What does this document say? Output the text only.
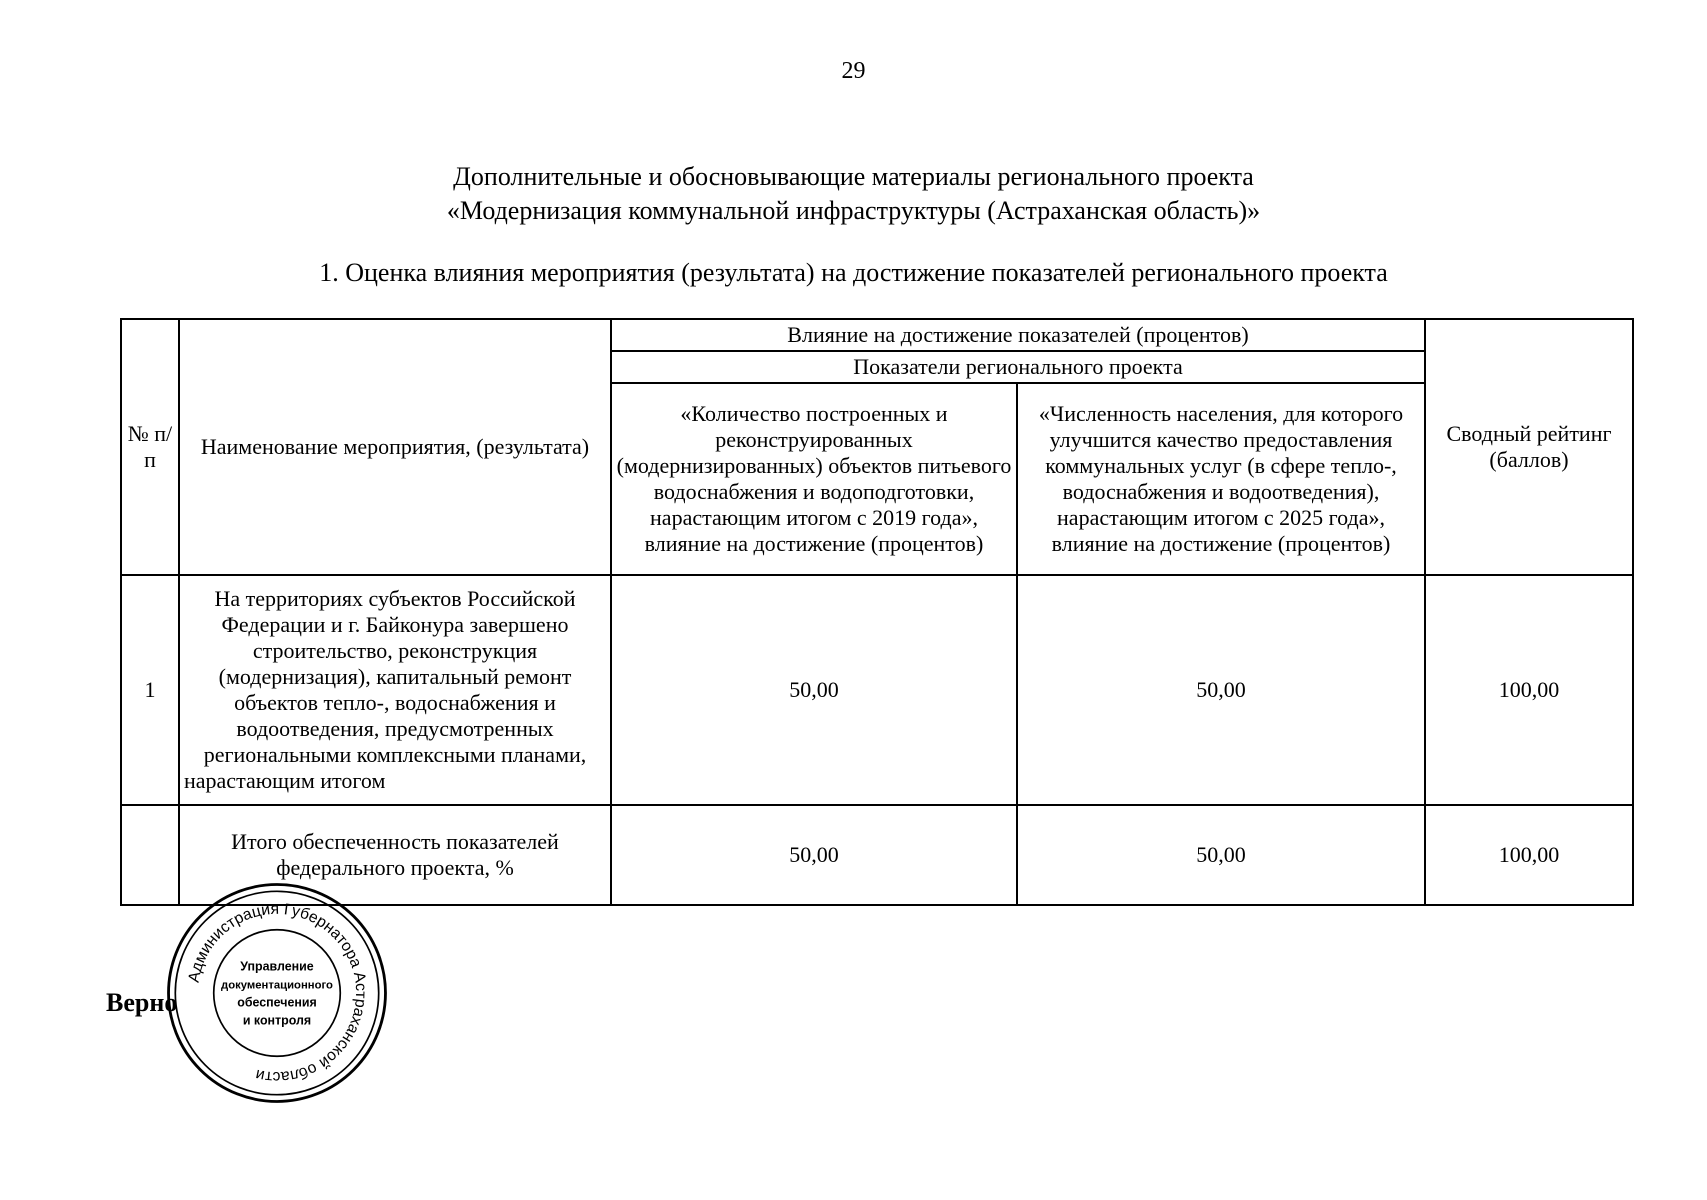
29
Дополнительные и обосновывающие материалы регионального проекта
«Модернизация коммунальной инфраструктуры (Астраханская область)»
1. Оценка влияния мероприятия (результата) на достижение показателей регионального проекта
№ п/п	Наименование мероприятия, (результата)	Влияние на достижение показателей (процентов)		Сводный рейтинг (баллов)
		Показатели регионального проекта		
		«Количество построенных и реконструированных (модернизированных) объектов питьевого водоснабжения и водоподготовки, нарастающим итогом с 2019 года», влияние на достижение (процентов)	«Численность населения, для которого улучшится качество предоставления коммунальных услуг (в сфере тепло-, водоснабжения и водоотведения), нарастающим итогом с 2025 года», влияние на достижение (процентов)	
1	На территориях субъектов Российской Федерации и г. Байконура завершено строительство, реконструкция (модернизация), капитальный ремонт объектов тепло-, водоснабжения и водоотведения, предусмотренных региональными комплексными планами, нарастающим итогом	50,00	50,00	100,00
	Итого обеспеченность показателей федерального проекта, %	50,00	50,00	100,00
Верно
Администрация Губернатора Астраханской области
Управление
документационного
обеспечения
и контроля
